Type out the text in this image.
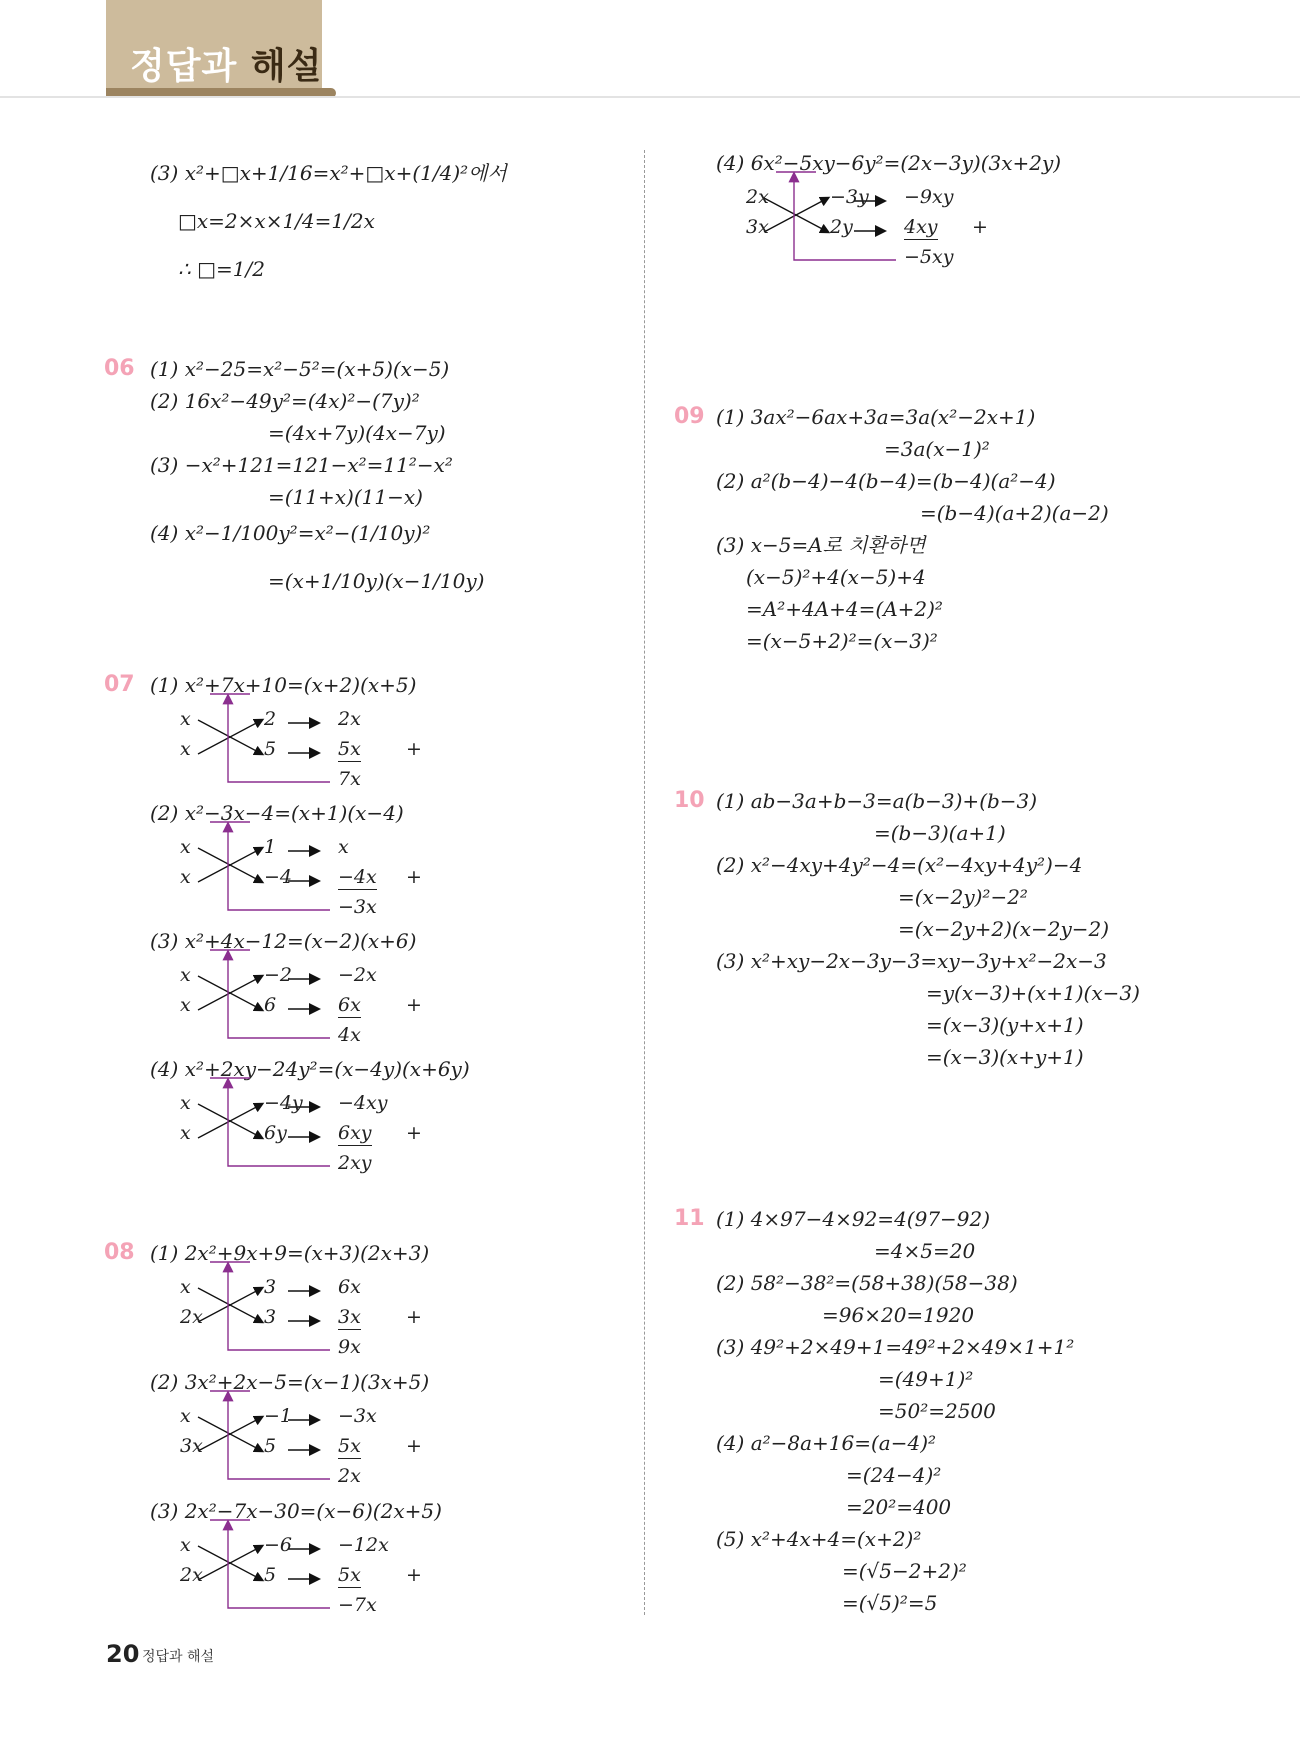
정답과 해설
(3) x²+□x+1/16=x²+□x+(1/4)²에서
□x=2×x×1/4=1/2x
∴ □=1/2
06 (1) x²−25=x²−5²=(x+5)(x−5)
(2) 16x²−49y²=(4x)²−(7y)²
=(4x+7y)(4x−7y)
(3) −x²+121=121−x²=11²−x²
=(11+x)(11−x)
(4) x²−1/100y²=x²−(1/10y)²
=(x+1/10y)(x−1/10y)
07 (1) x²+7x+10=(x+2)(x+5)
x
x
2
5
2x
5x
7x
+
(2) x²−3x−4=(x+1)(x−4)
x
x
1
−4
x
−4x
−3x
+
(3) x²+4x−12=(x−2)(x+6)
x
x
−2
6
−2x
6x
4x
+
(4) x²+2xy−24y²=(x−4y)(x+6y)
x
x
−4y
6y
−4xy
6xy
2xy
+
08 (1) 2x²+9x+9=(x+3)(2x+3)
x
2x
3
3
6x
3x
9x
+
(2) 3x²+2x−5=(x−1)(3x+5)
x
3x
−1
5
−3x
5x
2x
+
(3) 2x²−7x−30=(x−6)(2x+5)
x
2x
−6
5
−12x
5x
−7x
+
(4) 6x²−5xy−6y²=(2x−3y)(3x+2y)
2x
3x
−3y
2y
−9xy
4xy
−5xy
+
09 (1) 3ax²−6ax+3a=3a(x²−2x+1)
=3a(x−1)²
(2) a²(b−4)−4(b−4)=(b−4)(a²−4)
=(b−4)(a+2)(a−2)
(3) x−5=A로 치환하면
(x−5)²+4(x−5)+4
=A²+4A+4=(A+2)²
=(x−5+2)²=(x−3)²
10 (1) ab−3a+b−3=a(b−3)+(b−3)
=(b−3)(a+1)
(2) x²−4xy+4y²−4=(x²−4xy+4y²)−4
=(x−2y)²−2²
=(x−2y+2)(x−2y−2)
(3) x²+xy−2x−3y−3=xy−3y+x²−2x−3
=y(x−3)+(x+1)(x−3)
=(x−3)(y+x+1)
=(x−3)(x+y+1)
11 (1) 4×97−4×92=4(97−92)
=4×5=20
(2) 58²−38²=(58+38)(58−38)
=96×20=1920
(3) 49²+2×49+1=49²+2×49×1+1²
=(49+1)²
=50²=2500
(4) a²−8a+16=(a−4)²
=(24−4)²
=20²=400
(5) x²+4x+4=(x+2)²
=(√5−2+2)²
=(√5)²=5
20 정답과 해설
